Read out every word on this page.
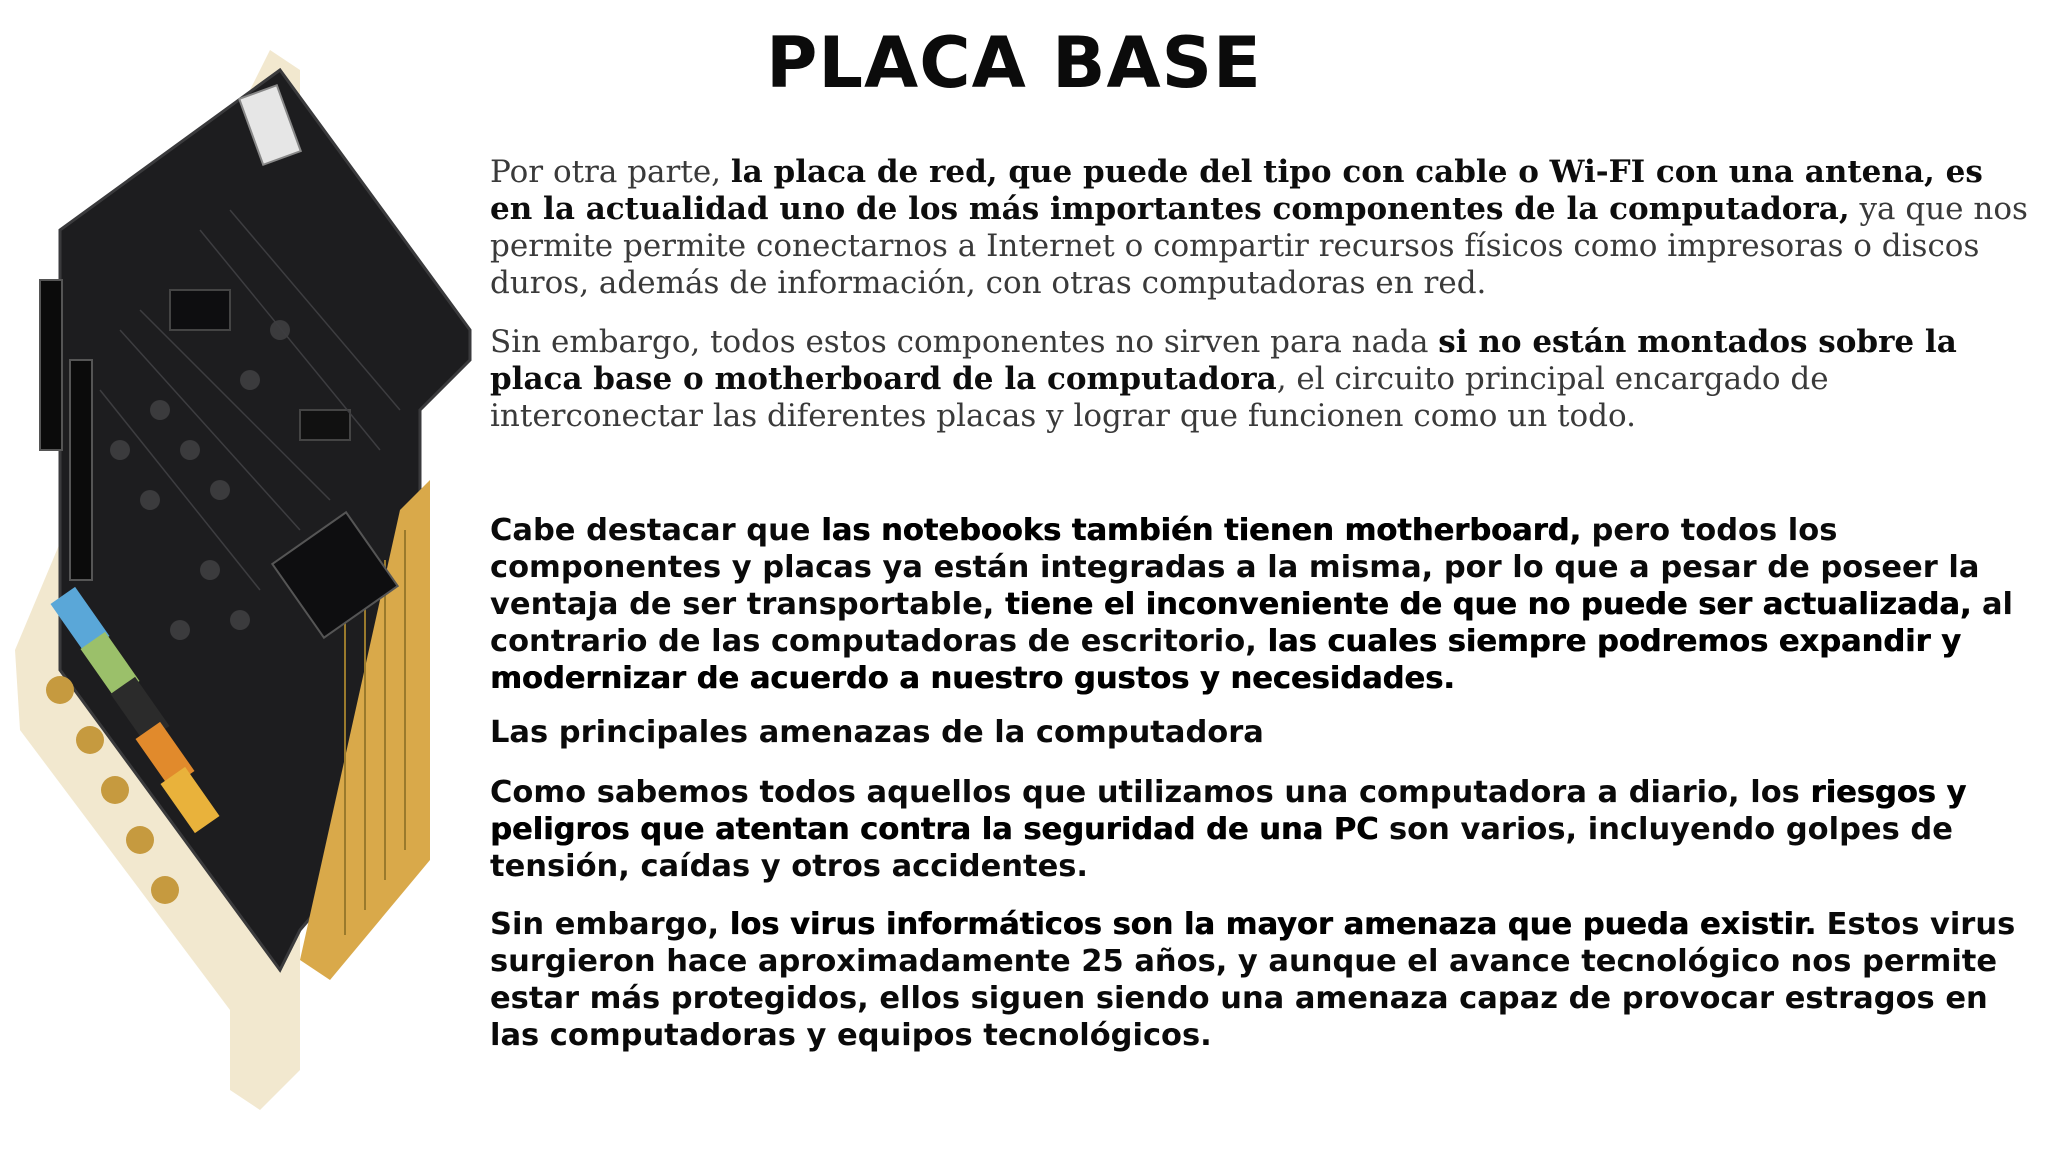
PLACA BASE
Por otra parte, la placa de red, que puede del tipo con cable o Wi-FI con una antena, es en la actualidad uno de los más importantes componentes de la computadora, ya que nos permite permite conectarnos a Internet o compartir recursos físicos como impresoras o discos duros, además de información, con otras computadoras en red.
Sin embargo, todos estos componentes no sirven para nada si no están montados sobre la placa base o motherboard de la computadora, el circuito principal encargado de interconectar las diferentes placas y lograr que funcionen como un todo.
Cabe destacar que las notebooks también tienen motherboard, pero todos los componentes y placas ya están integradas a la misma, por lo que a pesar de poseer la ventaja de ser transportable, tiene el inconveniente de que no puede ser actualizada, al contrario de las computadoras de escritorio, las cuales siempre podremos expandir y modernizar de acuerdo a nuestro gustos y necesidades.
Las principales amenazas de la computadora
Como sabemos todos aquellos que utilizamos una computadora a diario, los riesgos y peligros que atentan contra la seguridad de una PC son varios, incluyendo golpes de tensión, caídas y otros accidentes.
Sin embargo, los virus informáticos son la mayor amenaza que pueda existir. Estos virus surgieron hace aproximadamente 25 años, y aunque el avance tecnológico nos permite estar más protegidos, ellos siguen siendo una amenaza capaz de provocar estragos en las computadoras y equipos tecnológicos.
